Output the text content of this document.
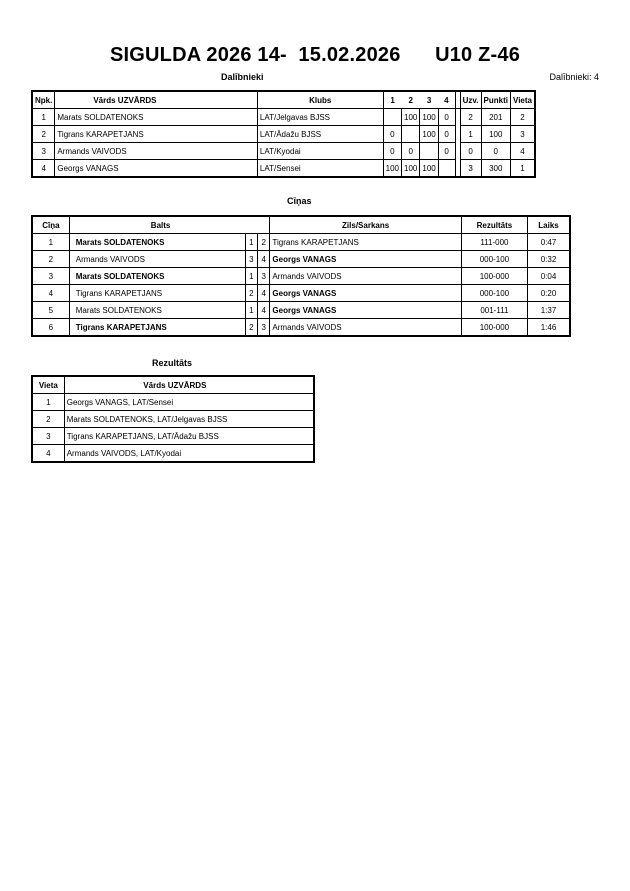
SIGULDA 2026 14-  15.02.2026      U10 Z-46
Dalībnieki	Dalībnieki: 4
Npk.	Vārds UZVĀRDS	Klubs	1	2	3	4		Uzv.	Punkti	Vieta
1	Marats SOLDATENOKS	LAT/Jelgavas BJSS		100	100	0		2	201	2
2	Tigrans KARAPETJANS	LAT/Ādažu BJSS	0		100	0		1	100	3
3	Armands VAIVODS	LAT/Kyodai	0	0		0		0	0	4
4	Georgs VANAGS	LAT/Sensei	100	100	100			3	300	1
Cīņas
Cīņa	Balts			Zils/Sarkans	Rezultāts	Laiks
1	Marats SOLDATENOKS	1	2	Tigrans KARAPETJANS	111-000	0:47
2	Armands VAIVODS	3	4	Georgs VANAGS	000-100	0:32
3	Marats SOLDATENOKS	1	3	Armands VAIVODS	100-000	0:04
4	Tigrans KARAPETJANS	2	4	Georgs VANAGS	000-100	0:20
5	Marats SOLDATENOKS	1	4	Georgs VANAGS	001-111	1:37
6	Tigrans KARAPETJANS	2	3	Armands VAIVODS	100-000	1:46
Rezultāts
Vieta	Vārds UZVĀRDS
1	Georgs VANAGS, LAT/Sensei
2	Marats SOLDATENOKS, LAT/Jelgavas BJSS
3	Tigrans KARAPETJANS, LAT/Ādažu BJSS
4	Armands VAIVODS, LAT/Kyodai
